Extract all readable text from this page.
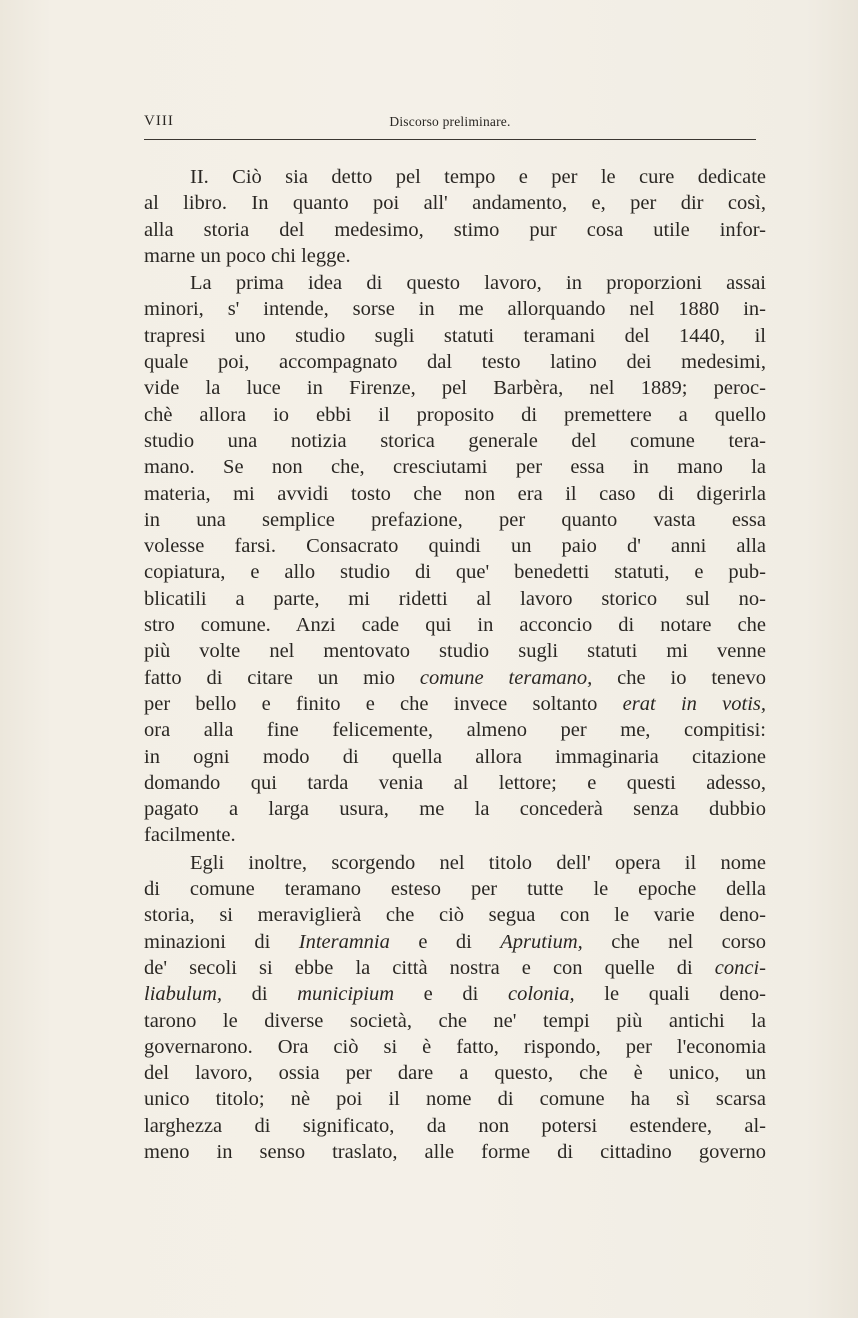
VIII	Discorso preliminare.
II. Ciò sia detto pel tempo e per le cure dedicate
al libro. In quanto poi all' andamento, e, per dir così,
alla storia del medesimo, stimo pur cosa utile infor-
marne un poco chi legge.
La prima idea di questo lavoro, in proporzioni assai
minori, s' intende, sorse in me allorquando nel 1880 in-
trapresi uno studio sugli statuti teramani del 1440, il
quale poi, accompagnato dal testo latino dei medesimi,
vide la luce in Firenze, pel Barbèra, nel 1889; peroc-
chè allora io ebbi il proposito di premettere a quello
studio una notizia storica generale del comune tera-
mano. Se non che, cresciutami per essa in mano la
materia, mi avvidi tosto che non era il caso di digerirla
in una semplice prefazione, per quanto vasta essa
volesse farsi. Consacrato quindi un paio d' anni alla
copiatura, e allo studio di que' benedetti statuti, e pub-
blicatili a parte, mi ridetti al lavoro storico sul no-
stro comune. Anzi cade qui in acconcio di notare che
più volte nel mentovato studio sugli statuti mi venne
fatto di citare un mio comune teramano, che io tenevo
per bello e finito e che invece soltanto erat in votis,
ora alla fine felicemente, almeno per me, compitisi:
in ogni modo di quella allora immaginaria citazione
domando qui tarda venia al lettore; e questi adesso,
pagato a larga usura, me la concederà senza dubbio
facilmente.
Egli inoltre, scorgendo nel titolo dell' opera il nome
di comune teramano esteso per tutte le epoche della
storia, si meraviglierà che ciò segua con le varie deno-
minazioni di Interamnia e di Aprutium, che nel corso
de' secoli si ebbe la città nostra e con quelle di conci-
liabulum, di municipium e di colonia, le quali deno-
tarono le diverse società, che ne' tempi più antichi la
governarono. Ora ciò si è fatto, rispondo, per l'economia
del lavoro, ossia per dare a questo, che è unico, un
unico titolo; nè poi il nome di comune ha sì scarsa
larghezza di significato, da non potersi estendere, al-
meno in senso traslato, alle forme di cittadino governo
